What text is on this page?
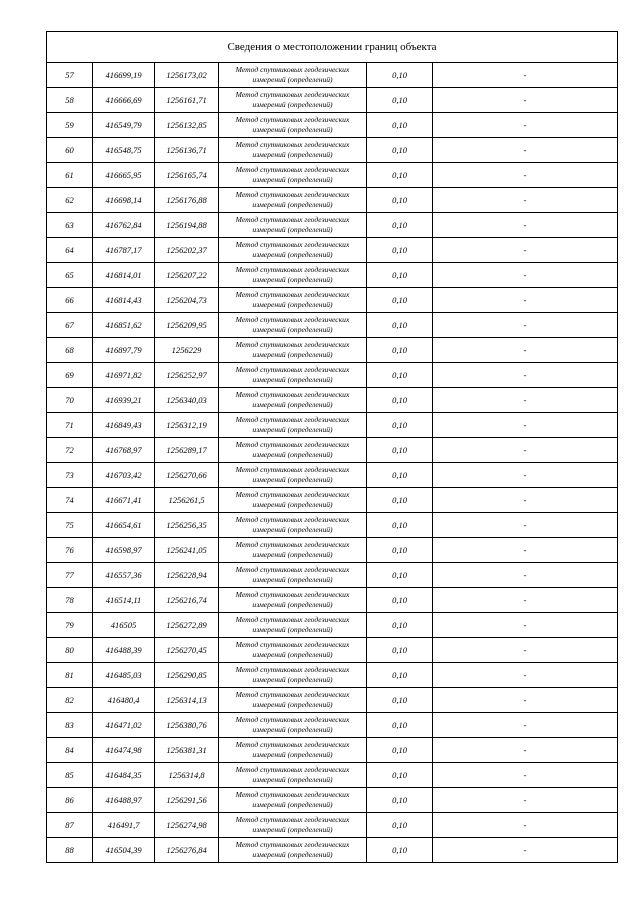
Сведения о местоположении границ объекта					
57	416699,19	1256173,02	Метод спутниковых геодезических
измерений (определений)	0,10	-
58	416666,69	1256161,71	Метод спутниковых геодезических
измерений (определений)	0,10	-
59	416549,79	1256132,85	Метод спутниковых геодезических
измерений (определений)	0,10	-
60	416548,75	1256136,71	Метод спутниковых геодезических
измерений (определений)	0,10	-
61	416665,95	1256165,74	Метод спутниковых геодезических
измерений (определений)	0,10	-
62	416698,14	1256176,88	Метод спутниковых геодезических
измерений (определений)	0,10	-
63	416762,84	1256194,88	Метод спутниковых геодезических
измерений (определений)	0,10	-
64	416787,17	1256202,37	Метод спутниковых геодезических
измерений (определений)	0,10	-
65	416814,01	1256207,22	Метод спутниковых геодезических
измерений (определений)	0,10	-
66	416814,43	1256204,73	Метод спутниковых геодезических
измерений (определений)	0,10	-
67	416851,62	1256209,95	Метод спутниковых геодезических
измерений (определений)	0,10	-
68	416897,79	1256229	Метод спутниковых геодезических
измерений (определений)	0,10	-
69	416971,82	1256252,97	Метод спутниковых геодезических
измерений (определений)	0,10	-
70	416939,21	1256340,03	Метод спутниковых геодезических
измерений (определений)	0,10	-
71	416849,43	1256312,19	Метод спутниковых геодезических
измерений (определений)	0,10	-
72	416768,97	1256289,17	Метод спутниковых геодезических
измерений (определений)	0,10	-
73	416703,42	1256270,66	Метод спутниковых геодезических
измерений (определений)	0,10	-
74	416671,41	1256261,5	Метод спутниковых геодезических
измерений (определений)	0,10	-
75	416654,61	1256256,35	Метод спутниковых геодезических
измерений (определений)	0,10	-
76	416598,97	1256241,05	Метод спутниковых геодезических
измерений (определений)	0,10	-
77	416557,36	1256228,94	Метод спутниковых геодезических
измерений (определений)	0,10	-
78	416514,11	1256216,74	Метод спутниковых геодезических
измерений (определений)	0,10	-
79	416505	1256272,89	Метод спутниковых геодезических
измерений (определений)	0,10	-
80	416488,39	1256270,45	Метод спутниковых геодезических
измерений (определений)	0,10	-
81	416485,03	1256290,85	Метод спутниковых геодезических
измерений (определений)	0,10	-
82	416480,4	1256314,13	Метод спутниковых геодезических
измерений (определений)	0,10	-
83	416471,02	1256380,76	Метод спутниковых геодезических
измерений (определений)	0,10	-
84	416474,98	1256381,31	Метод спутниковых геодезических
измерений (определений)	0,10	-
85	416484,35	1256314,8	Метод спутниковых геодезических
измерений (определений)	0,10	-
86	416488,97	1256291,56	Метод спутниковых геодезических
измерений (определений)	0,10	-
87	416491,7	1256274,98	Метод спутниковых геодезических
измерений (определений)	0,10	-
88	416504,39	1256276,84	Метод спутниковых геодезических
измерений (определений)	0,10	-
